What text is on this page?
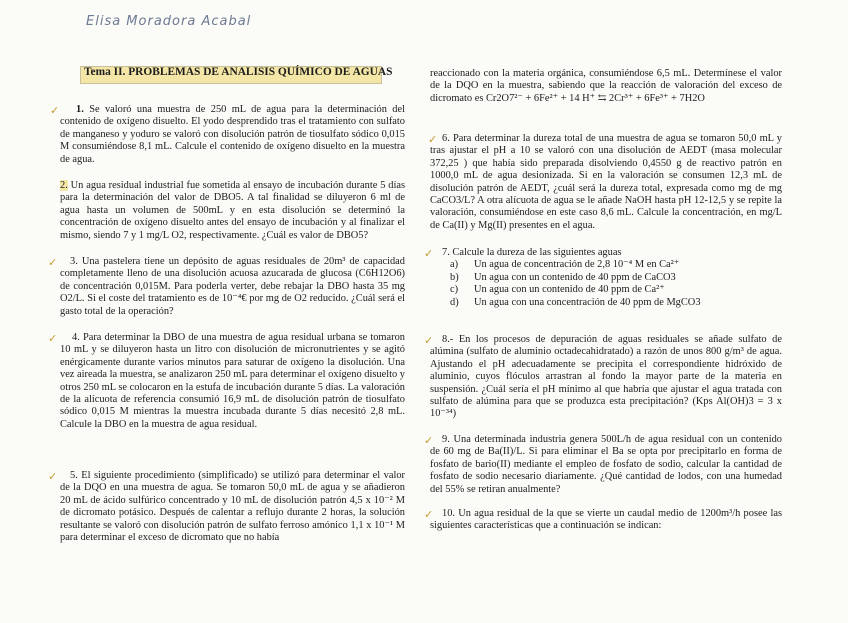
Elisa Moradora Acabal
Tema II. PROBLEMAS DE ANALISIS QUÍMICO DE AGUAS
✓	1. Se valoró una muestra de 250 mL de agua para la determinación del contenido de oxígeno disuelto. El yodo desprendido tras el tratamiento con sulfato de manganeso y yoduro se valoró con disolución patrón de tiosulfato sódico 0,015 M consumiéndose 8,1 mL. Calcule el contenido de oxígeno disuelto en la muestra de agua.

2. Un agua residual industrial fue sometida al ensayo de incubación durante 5 días para la determinación del valor de DBO5. A tal finalidad se diluyeron 6 ml de agua hasta un volumen de 500mL y en esta disolución se determinó la concentración de oxígeno disuelto antes del ensayo de incubación y al finalizar el mismo, siendo 7 y 1 mg/L O2, respectivamente. ¿Cuál es valor de DBO5?

✓	3. Una pastelera tiene un depósito de aguas residuales de 20m³ de capacidad completamente lleno de una disolución acuosa azucarada de glucosa (C6H12O6) de concentración 0,015M. Para poderla verter, debe rebajar la DBO hasta 35 mg O2/L. Si el coste del tratamiento es de 10⁻⁴€ por mg de O2 reducido. ¿Cuál será el gasto total de la operación?

✓	4. Para determinar la DBO de una muestra de agua residual urbana se tomaron 10 mL y se diluyeron hasta un litro con disolución de micronutrientes y se agitó enérgicamente durante varios minutos para saturar de oxígeno la disolución. Una vez aireada la muestra, se analizaron 250 mL para determinar el oxígeno disuelto y otros 250 mL se colocaron en la estufa de incubación durante 5 días. La valoración de la alícuota de referencia consumió 16,9 mL de disolución patrón de tiosulfato sódico 0,015 M mientras la muestra incubada durante 5 días necesitó 2,8 mL. Calcule la DBO en la muestra de agua residual.

✓	5. El siguiente procedimiento (simplificado) se utilizó para determinar el valor de la DQO en una muestra de agua. Se tomaron 50,0 mL de agua y se añadieron 20 mL de ácido sulfúrico concentrado y 10 mL de disolución patrón 4,5 x 10⁻² M de dicromato potásico. Después de calentar a reflujo durante 2 horas, la solución resultante se valoró con disolución patrón de sulfato ferroso amónico 1,1 x 10⁻¹ M para determinar el exceso de dicromato que no había

reaccionado con la materia orgánica, consumiéndose 6,5 mL. Determínese el valor de la DQO en la muestra, sabiendo que la reacción de valoración del exceso de dicromato es Cr2O7²⁻ + 6Fe²⁺ + 14 H⁺ ⇆ 2Cr³⁺ + 6Fe³⁺ + 7H2O

✓ 6. Para determinar la dureza total de una muestra de agua se tomaron 50,0 mL y tras ajustar el pH a 10 se valoró con una disolución de AEDT (masa molecular 372,25 ) que había sido preparada disolviendo 0,4550 g de reactivo patrón en 1000,0 mL de agua desionizada. Si en la valoración se consumen 12,3 mL de disolución patrón de AEDT, ¿cuál será la dureza total, expresada como mg de mg CaCO3/L? A otra alícuota de agua se le añade NaOH hasta pH 12-12,5 y se repite la valoración, consumiéndose en este caso 8,6 mL. Calcule la concentración, en mg/L de Ca(II) y Mg(II) presentes en el agua.

✓ 7. Calcule la dureza de las siguientes aguas

a)	Un agua de concentración de 2,8 10⁻⁴ M en Ca²⁺
b)	Un agua con un contenido de 40 ppm de CaCO3
c)	Un agua con un contenido de 40 ppm de Ca²⁺
d)	Un agua con una concentración de 40 ppm de MgCO3
✓ 8.- En los procesos de depuración de aguas residuales se añade sulfato de alúmina (sulfato de aluminio octadecahidratado) a razón de unos 800 g/m³ de agua. Ajustando el pH adecuadamente se precipita el correspondiente hidróxido de aluminio, cuyos flóculos arrastran al fondo la mayor parte de la materia en suspensión. ¿Cuál sería el pH mínimo al que habría que ajustar el agua tratada con sulfato de alúmina para que se produzca esta precipitación? (Kps Al(OH)3 = 3 x 10⁻³⁴)

✓ 9. Una determinada industria genera 500L/h de agua residual con un contenido de 60 mg de Ba(II)/L. Si para eliminar el Ba se opta por precipitarlo en forma de fosfato de bario(II) mediante el empleo de fosfato de sodio, calcular la cantidad de fosfato de sodio necesario diariamente. ¿Qué cantidad de lodos, con una humedad del 55% se retiran anualmente?

✓ 10. Un agua residual de la que se vierte un caudal medio de 1200m³/h posee las siguientes características que a continuación se indican:
